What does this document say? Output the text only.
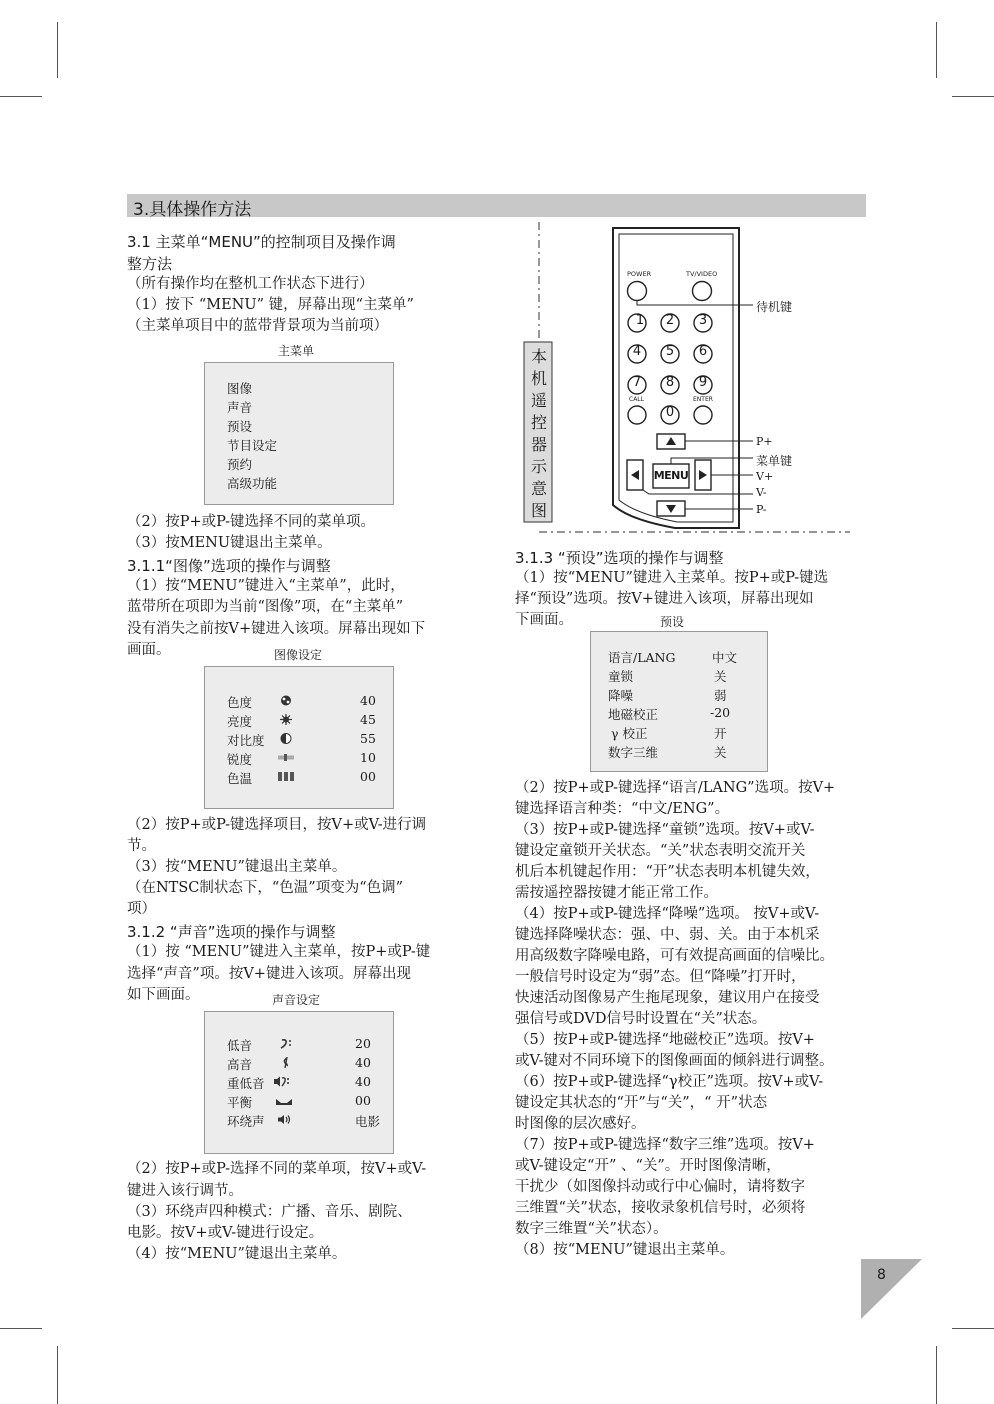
3.具体操作方法
3.1 主菜单“MENU”的控制项目及操作调
整方法
（所有操作均在整机工作状态下进行）
（1）按下 “MENU” 键，屏幕出现“主菜单”
（主菜单项目中的蓝带背景项为当前项）
主菜单
图像
声音
预设
节目设定
预约
高级功能
（2）按P+或P-键选择不同的菜单项。
（3）按MENU键退出主菜单。
3.1.1“图像”选项的操作与调整
（1）按“MENU”键进入“主菜单”，此时，
蓝带所在项即为当前“图像”项，在“主菜单”
没有消失之前按V+键进入该项。屏幕出现如下
画面。	图像设定
色度	40
亮度	45
对比度	55
锐度	10
色温	00
（2）按P+或P-键选择项目，按V+或V-进行调
节。
（3）按“MENU”键退出主菜单。
（在NTSC制状态下，“色温”项变为“色调”
项）
3.1.2 “声音”选项的操作与调整
（1）按 “MENU”键进入主菜单，按P+或P-键
选择“声音”项。按V+键进入该项。屏幕出现
如下画面。	声音设定
低音	20
高音	40
重低音	40
平衡	00
环绕声	电影
（2）按P+或P-选择不同的菜单项，按V+或V-
键进入该行调节。
（3）环绕声四种模式：广播、音乐、剧院、
电影。按V+或V-键进行设定。
（4）按“MENU”键退出主菜单。
POWER	TV/VIDEO
1 2 3
4 5 6
7 8 9
0
CALL	ENTER
MENU
待机键
P+
菜单键
V+
V-
P-
本
机
遥
控
器
示
意
图
3.1.3 “预设”选项的操作与调整
（1）按“MENU”键进入主菜单。按P+或P-键选
择“预设”选项。按V+键进入该项，屏幕出现如
下画面。	预设
语言/LANG	中文
童锁	关
降噪	弱
地磁校正	-20
γ 校正	开
数字三维	关
（2）按P+或P-键选择“语言/LANG”选项。按V+
键选择语言种类：“中文/ENG”。
（3）按P+或P-键选择“童锁”选项。按V+或V-
键设定童锁开关状态。“关”状态表明交流开关
机后本机键起作用：“开”状态表明本机键失效，
需按遥控器按键才能正常工作。
（4）按P+或P-键选择“降噪”选项。 按V+或V-
键选择降噪状态：强、中、弱、关。由于本机采
用高级数字降噪电路，可有效提高画面的信噪比。
一般信号时设定为“弱”态。但“降噪”打开时，
快速活动图像易产生拖尾现象，建议用户在接受
强信号或DVD信号时设置在“关”状态。
（5）按P+或P-键选择“地磁校正”选项。按V+
或V-键对不同环境下的图像画面的倾斜进行调整。
（6）按P+或P-键选择“γ校正”选项。按V+或V-
键设定其状态的“开”与“关”，“ 开”状态
时图像的层次感好。
（7）按P+或P-键选择“数字三维”选项。按V+
或V-键设定“开” 、“关”。开时图像清晰，
干扰少（如图像抖动或行中心偏时，请将数字
三维置“关”状态，接收录象机信号时，必须将
数字三维置“关”状态）。
（8）按“MENU”键退出主菜单。
8
